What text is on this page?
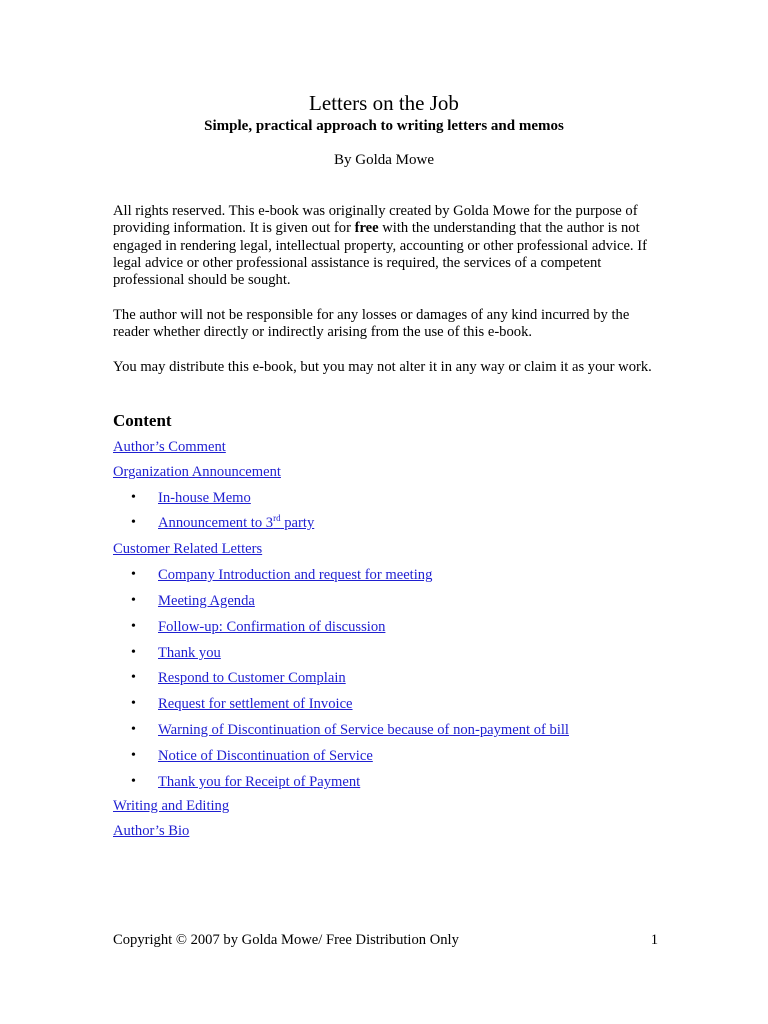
Letters on the Job
Simple, practical approach to writing letters and memos
By Golda Mowe
All rights reserved. This e-book was originally created by Golda Mowe for the purpose of providing information. It is given out for free with the understanding that the author is not engaged in rendering legal, intellectual property, accounting or other professional advice. If legal advice or other professional assistance is required, the services of a competent professional should be sought.
The author will not be responsible for any losses or damages of any kind incurred by the reader whether directly or indirectly arising from the use of this e-book.
You may distribute this e-book, but you may not alter it in any way or claim it as your work.
Content
Author’s Comment
Organization Announcement
• In-house Memo
• Announcement to 3rd party
Customer Related Letters
• Company Introduction and request for meeting
• Meeting Agenda
• Follow-up: Confirmation of discussion
• Thank you
• Respond to Customer Complain
• Request for settlement of Invoice
• Warning of Discontinuation of Service because of non-payment of bill
• Notice of Discontinuation of Service
• Thank you for Receipt of Payment
Writing and Editing
Author’s Bio
Copyright © 2007 by Golda Mowe/ Free Distribution Only	1
